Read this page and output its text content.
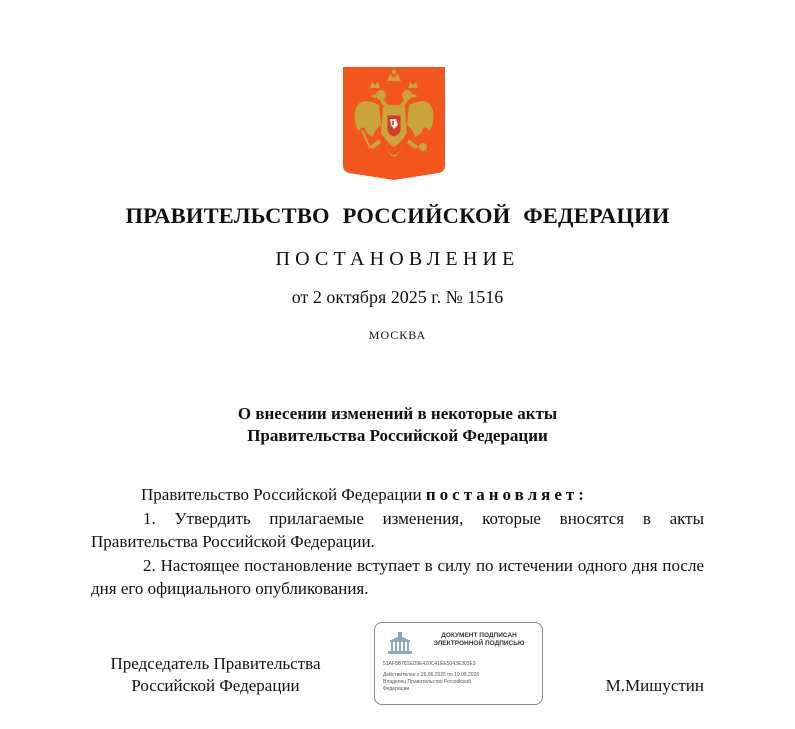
ПРАВИТЕЛЬСТВО РОССИЙСКОЙ ФЕДЕРАЦИИ
ПОСТАНОВЛЕНИЕ
от 2 октября 2025 г. № 1516
МОСКВА
О внесении изменений в некоторые акты
Правительства Российской Федерации

Правительство Российской Федерации постановляет:

1. Утвердить прилагаемые изменения, которые вносятся в акты Правительства Российской Федерации.

2. Настоящее постановление вступает в силу по истечении одного дня после дня его официального опубликования.

Председатель Правительства
Российской Федерации
ДОКУМЕНТ ПОДПИСАН
ЭЛЕКТРОННОЙ ПОДПИСЬЮ
51AF8B781ED9E420C41EE5043E303E3
Действителен с 26.06.2025 по 19.09.2026
Владелец Правительство Российской
Федерации	М.Мишустин
